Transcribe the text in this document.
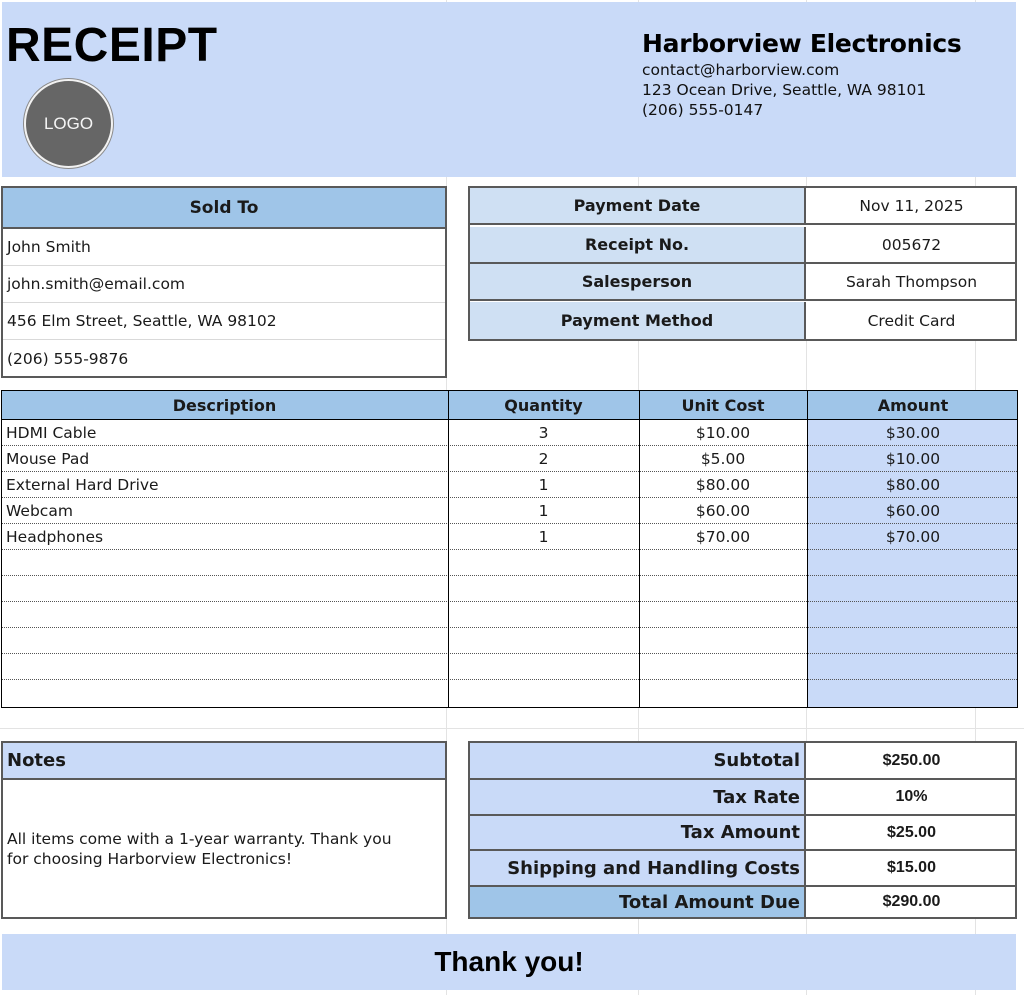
RECEIPT
LOGO
Harborview Electronics
contact@harborview.com
123 Ocean Drive, Seattle, WA 98101
(206) 555-0147
Sold To
John Smith
john.smith@email.com
456 Elm Street, Seattle, WA 98102
(206) 555-9876
Payment Date	Nov 11, 2025
Receipt No.	005672
Salesperson	Sarah Thompson
Payment Method	Credit Card
Description	Quantity	Unit Cost	Amount
HDMI Cable	3	$10.00	$30.00
Mouse Pad	2	$5.00	$10.00
External Hard Drive	1	$80.00	$80.00
Webcam	1	$60.00	$60.00
Headphones	1	$70.00	$70.00
Notes
All items come with a 1-year warranty. Thank you
for choosing Harborview Electronics!
Subtotal	$250.00
Tax Rate	10%
Tax Amount	$25.00
Shipping and Handling Costs	$15.00
Total Amount Due	$290.00
Thank you!
